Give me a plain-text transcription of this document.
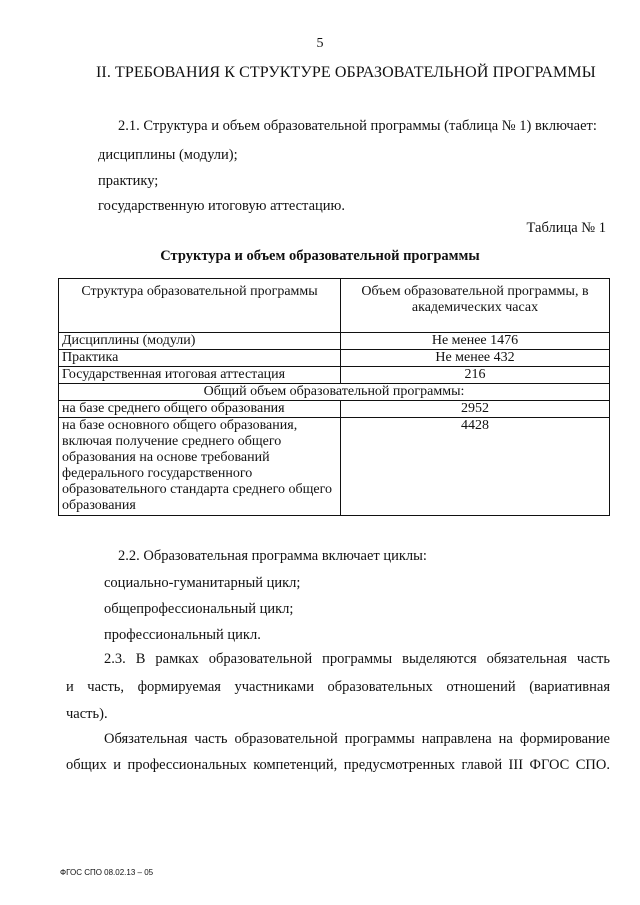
5
II. ТРЕБОВАНИЯ К СТРУКТУРЕ ОБРАЗОВАТЕЛЬНОЙ ПРОГРАММЫ
2.1. Структура и объем образовательной программы (таблица № 1) включает:
дисциплины (модули);
практику;
государственную итоговую аттестацию.
Таблица № 1
Структура и объем образовательной программы
Структура образовательной программы	Объем образовательной программы, в академических часах
Дисциплины (модули)	Не менее 1476
Практика	Не менее 432
Государственная итоговая аттестация	216
Общий объем образовательной программы:	
на базе среднего общего образования	2952
на базе основного общего образования, включая получение среднего общего образования на основе требований федерального государственного образовательного стандарта среднего общего образования	4428
2.2. Образовательная программа включает циклы:
социально-гуманитарный цикл;
общепрофессиональный цикл;
профессиональный цикл.
2.3. В рамках образовательной программы выделяются обязательная часть
и часть, формируемая участниками образовательных отношений (вариативная
часть).
Обязательная часть образовательной программы направлена на формирование
общих и профессиональных компетенций, предусмотренных главой III ФГОС СПО.
ФГОС СПО 08.02.13 – 05
